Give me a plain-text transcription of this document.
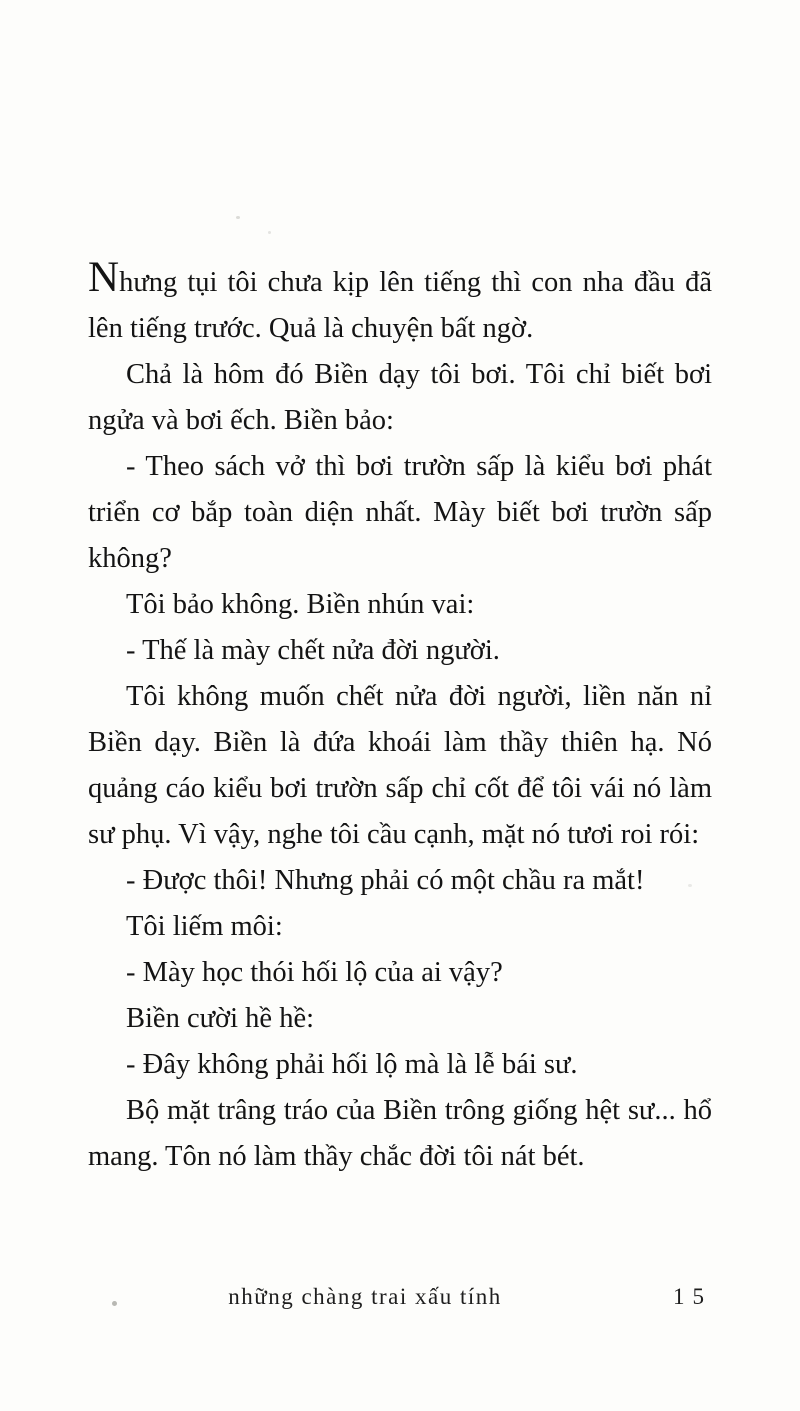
Nhưng tụi tôi chưa kịp lên tiếng thì con nha đầu đã lên tiếng trước. Quả là chuyện bất ngờ.

Chả là hôm đó Biền dạy tôi bơi. Tôi chỉ biết bơi ngửa và bơi ếch. Biền bảo:

- Theo sách vở thì bơi trườn sấp là kiểu bơi phát triển cơ bắp toàn diện nhất. Mày biết bơi trườn sấp không?

Tôi bảo không. Biền nhún vai:

- Thế là mày chết nửa đời người.

Tôi không muốn chết nửa đời người, liền năn nỉ Biền dạy. Biền là đứa khoái làm thầy thiên hạ. Nó quảng cáo kiểu bơi trườn sấp chỉ cốt để tôi vái nó làm sư phụ. Vì vậy, nghe tôi cầu cạnh, mặt nó tươi roi rói:

- Được thôi! Nhưng phải có một chầu ra mắt!

Tôi liếm môi:

- Mày học thói hối lộ của ai vậy?

Biền cười hề hề:

- Đây không phải hối lộ mà là lễ bái sư.

Bộ mặt trâng tráo của Biền trông giống hệt sư... hổ mang. Tôn nó làm thầy chắc đời tôi nát bét.

những chàng trai xấu tính	15
